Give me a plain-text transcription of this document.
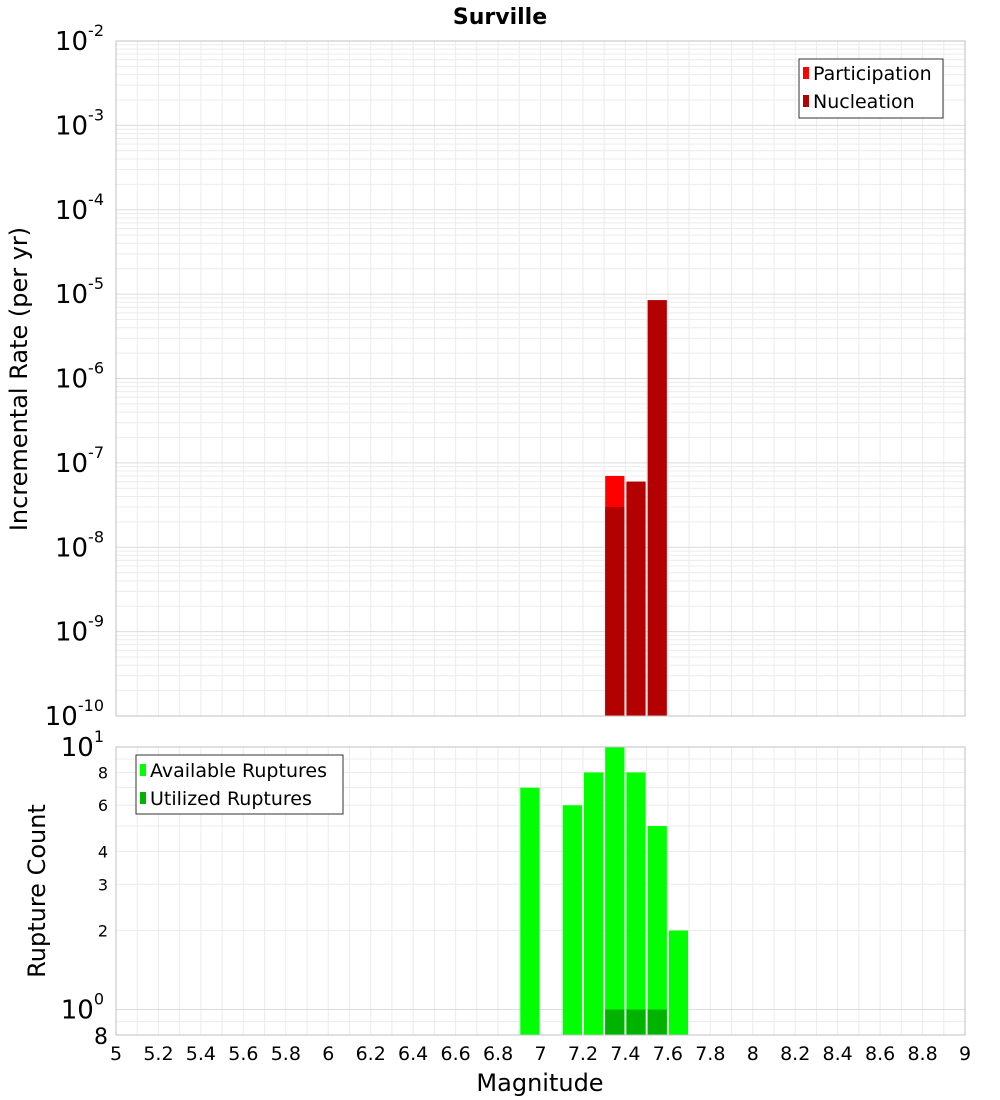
Surville
$10^{-2}$
$10^{-3}$
$10^{-4}$
$10^{-5}$
$10^{-6}$
$10^{-7}$
$10^{-8}$
$10^{-9}$
$10^{-10}$
Incremental Rate (per yr)
Participation
Nucleation
$10^1$
$10^0$
8
6
4
3
2
8
5 5.2 5.4 5.6 5.8 6 6.2 6.4 6.6 6.8 7 7.2 7.4 7.6 7.8 8 8.2 8.4 8.6 8.8 9
Rupture Count
Magnitude
Available Ruptures
Utilized Ruptures
